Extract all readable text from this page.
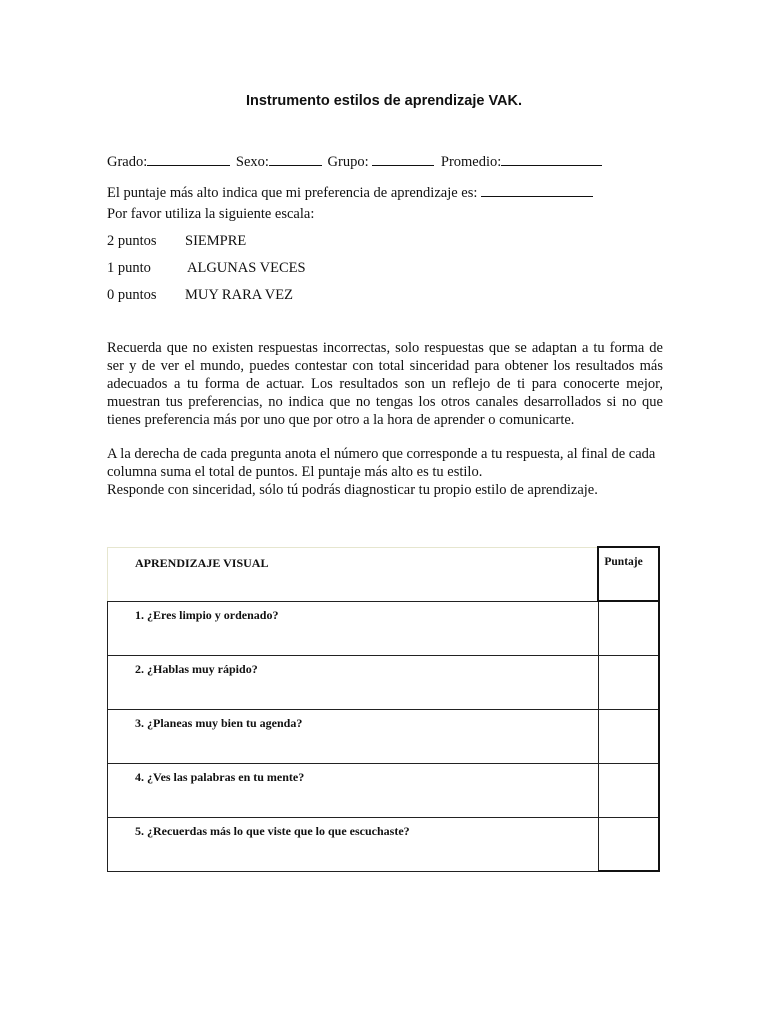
Instrumento estilos de aprendizaje VAK.
Grado:	Sexo:	Grupo:	Promedio:
El puntaje más alto indica que mi preferencia de aprendizaje es:
Por favor utiliza la siguiente escala:
2 puntos SIEMPRE
1 punto ALGUNAS VECES
0 puntos MUY RARA VEZ
Recuerda que no existen respuestas incorrectas, solo respuestas que se adaptan a tu forma de ser y de ver el mundo, puedes contestar con total sinceridad para obtener los resultados más adecuados a tu forma de actuar. Los resultados son un reflejo de ti para conocerte mejor, muestran tus preferencias, no indica que no tengas los otros canales desarrollados si no que tienes preferencia más por uno que por otro a la hora de aprender o comunicarte.
A la derecha de cada pregunta anota el número que corresponde a tu respuesta, al final de cada columna suma el total de puntos. El puntaje más alto es tu estilo.
Responde con sinceridad, sólo tú podrás diagnosticar tu propio estilo de aprendizaje.
APRENDIZAJE VISUAL	Puntaje
1. ¿Eres limpio y ordenado?	
2. ¿Hablas muy rápido?	
3. ¿Planeas muy bien tu agenda?	
4. ¿Ves las palabras en tu mente?	
5. ¿Recuerdas más lo que viste que lo que escuchaste?	
